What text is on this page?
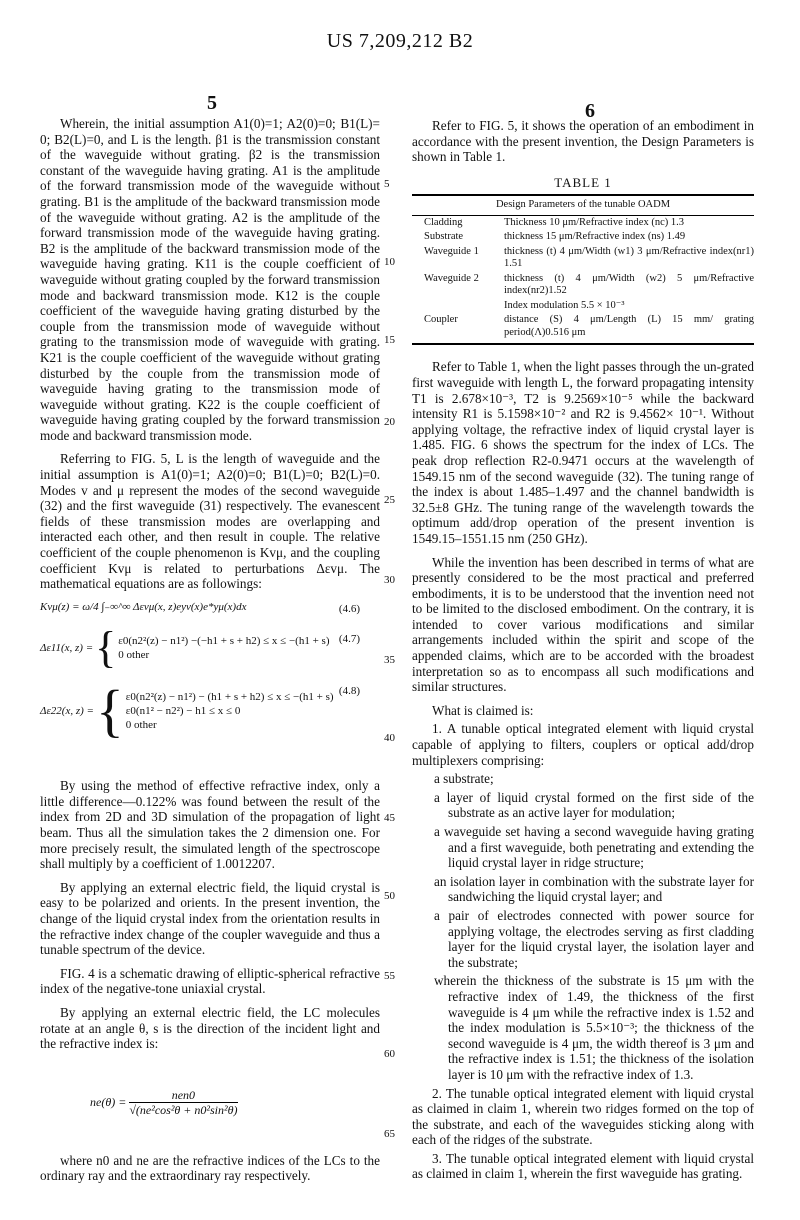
US 7,209,212 B2
5	6
5
10
15
20
25
30
35
40
45
50
55
60
65

Wherein, the initial assumption A1(0)=1; A2(0)=0; B1(L)= 0; B2(L)=0, and L is the length. β1 is the transmission constant of the waveguide without grating. β2 is the transmission constant of the waveguide having grating. A1 is the amplitude of the forward transmission mode of the waveguide without grating. B1 is the amplitude of the backward transmission mode of the waveguide without grating. A2 is the amplitude of the forward transmission mode of the waveguide having grating. B2 is the amplitude of the backward transmission mode of the waveguide having grating. K11 is the couple coefficient of waveguide without grating coupled by the forward transmission mode and backward transmission mode. K12 is the couple coefficient of the waveguide having grating disturbed by the couple from the transmission mode of waveguide without grating to the transmission mode of waveguide with grating. K21 is the couple coefficient of the waveguide without grating disturbed by the couple from the transmission mode of waveguide having grating to the transmission mode of waveguide without grating. K22 is the couple coefficient of waveguide having grating coupled by the forward transmission mode and backward transmission mode.

Referring to FIG. 5, L is the length of waveguide and the initial assumption is A1(0)=1; A2(0)=0; B1(L)=0; B2(L)=0. Modes v and μ represent the modes of the second waveguide (32) and the first waveguide (31) respectively. The evanescent fields of these transmission modes are overlapping and interacted each other, and then result in couple. The relative coefficient of the couple phenomenon is Kvμ, and the coupling coefficient Kvμ is related to perturbations Δεvμ. The mathematical equations are as followings:

Kvμ(z) = ω/4 ∫₋∞^∞ Δεvμ(x, z)eyv(x)e*yμ(x)dx	(4.6)
Δε11(x, z) ={ ε0(n2²(z) − n1²) −(−h1 + s + h2) ≤ x ≤ −(h1 + s)
0 other
(4.7)
Δε22(x, z) ={ ε0(n2²(z) − n1²) − (h1 + s + h2) ≤ x ≤ −(h1 + s)
ε0(n1² − n2²) − h1 ≤ x ≤ 0
0 other
(4.8)

By using the method of effective refractive index, only a little difference—0.122% was found between the result of the index from 2D and 3D simulation of the propagation of light beam. Thus all the simulation takes the 2 dimension one. For more precisely result, the simulated length of the spectroscope shall multiply by a coefficient of 1.0012207.

By applying an external electric field, the liquid crystal is easy to be polarized and orients. In the present invention, the change of the liquid crystal index from the orientation results in the refractive index change of the coupler waveguide and thus a tunable spectrum of the device.

FIG. 4 is a schematic drawing of elliptic-spherical refractive index of the negative-tone uniaxial crystal.

By applying an external electric field, the LC molecules rotate at an angle θ, s is the direction of the incident light and the refractive index is:

$ne(\theta) = \frac{\text{nen0}}{\text{√(ne²cos²θ + n0²sin²θ)}}$

where n0 and ne are the refractive indices of the LCs to the ordinary ray and the extraordinary ray respectively.

Refer to FIG. 5, it shows the operation of an embodiment in accordance with the present invention, the Design Parameters is shown in Table 1.

TABLE 1
Design Parameters of the tunable OADM	
Cladding	Thickness 10 μm/Refractive index (nc) 1.3
Substrate	thickness 15 μm/Refractive index (ns) 1.49
Waveguide 1	thickness (t) 4 μm/Width (w1) 3 μm/Refractive index(nr1) 1.51
Waveguide 2	thickness (t) 4 μm/Width (w2) 5 μm/Refractive index(nr2)1.52
	Index modulation 5.5 × 10⁻³
Coupler	distance (S) 4 μm/Length (L) 15 mm/ grating period(Λ)0.516 μm

Refer to Table 1, when the light passes through the un-grated first waveguide with length L, the forward propagating intensity T1 is 2.678×10⁻³, T2 is 9.2569×10⁻⁵ while the backward intensity R1 is 5.1598×10⁻² and R2 is 9.4562× 10⁻¹. Without applying voltage, the refractive index of liquid crystal layer is 1.485. FIG. 6 shows the spectrum for the index of LCs. The peak drop reflection R2-0.9471 occurs at the wavelength of 1549.15 nm of the second waveguide (32). The tuning range of the index is about 1.485–1.497 and the channel bandwidth is 32.5±8 GHz. The tuning range of the wavelength towards the optimum add/drop operation of the present invention is 1549.15–1551.15 nm (250 GHz).

While the invention has been described in terms of what are presently considered to be the most practical and preferred embodiments, it is to be understood that the invention need not to be limited to the disclosed embodiment. On the contrary, it is intended to cover various modifications and similar arrangements included within the spirit and scope of the appended claims, which are to be accorded with the broadest interpretation so as to encompass all such modifications and similar structures.

What is claimed is:

1. A tunable optical integrated element with liquid crystal capable of applying to filters, couplers or optical add/drop multiplexers comprising:

a substrate;
a layer of liquid crystal formed on the first side of the substrate as an active layer for modulation;
a waveguide set having a second waveguide having grating and a first waveguide, both penetrating and extending the liquid crystal layer in ridge structure;
an isolation layer in combination with the substrate layer for sandwiching the liquid crystal layer; and
a pair of electrodes connected with power source for applying voltage, the electrodes serving as first cladding layer for the liquid crystal layer, the isolation layer and the substrate;
wherein the thickness of the substrate is 15 μm with the refractive index of 1.49, the thickness of the first waveguide is 4 μm while the refractive index is 1.52 and the index modulation is 5.5×10⁻³; the thickness of the second waveguide is 4 μm, the width thereof is 3 μm and the refractive index is 1.51; the thickness of the isolation layer is 10 μm with the refractive index of 1.3.

2. The tunable optical integrated element with liquid crystal as claimed in claim 1, wherein two ridges formed on the top of the substrate, and each of the waveguides sticking along with each of the ridges of the substrate.

3. The tunable optical integrated element with liquid crystal as claimed in claim 1, wherein the first waveguide has grating.
